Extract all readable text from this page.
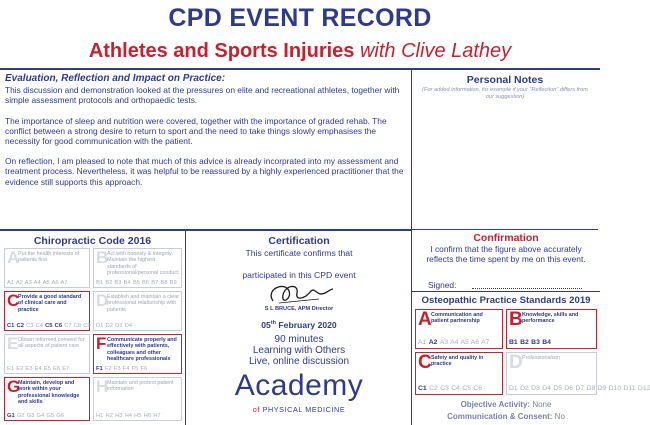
CPD EVENT RECORD
Athletes and Sports Injuries with Clive Lathey
Evaluation, Reflection and Impact on Practice:

This discussion and demonstration looked at the pressures on elite and recreational athletes, together with simple assessment protocols and orthopaedic tests.

The importance of sleep and nutrition were covered, together with the importance of graded rehab. The conflict between a strong desire to return to sport and the need to take things slowly emphasises the necessity for good communication with the patient.

On reflection, I am pleased to note that much of this advice is already incorprated into my assessment and treatment process. Nevertheless, it was helpful to be reassured by a highly experienced practitioner that the evidence still supports this approach.

Personal Notes
(For added information, for example if your "Reflection" differs from our suggestion)
Chiropractic Code 2016
A
Put the health interests of patients first
A1 A2 A3 A4 A5 A6 A7
B
Act with honesty & integrity. Maintain the highest standards of professional/personal conduct
B1 B2 B3 B4 B5 B6 B7 B8 B9
C
Provide a good standard of clinical care and practice
C1 C2 C3 C4 C5 C6 C7 C8 C9
D
Establish and maintain a clear professional relationship with patients
D1 D2 D3 D4
E Obtain informed consent for all aspects of patient care
E1 E2 E3 E4 E5 E6 E7
F Communicate properly and effectively with patients, colleagues and other healthcare professionals
F1 F2 F3 F4 F5 F6
G
Maintain, develop and work within your professional knowledge and skills
G1 G2 G3 G4 G5 G6
H
Maintain and protect patient information
H1 H2 H3 H4 H5 H6 H7
Certification
This certificate confirms that
participated in this CPD event
S L BRUCE, APM Director
05th February 2020
90 minutes
Learning with Others
Live, online discussion
Academy
of PHYSICAL MEDICINE
Confirmation
I confirm that the figure above accurately reflects the time spent by me on this event.
Signed:
Osteopathic Practice Standards 2019
A Communication and patient partnership
A1 A2 A3 A4 A5 A6 A7
B Knowledge, skills and performance
B1 B2 B3 B4
C Safety and quality in practice
C1 C2 C3 C4 C5 C6
D Professionalism
D1 D2 D3 D4 D5 D6 D7 D8 D9 D10 D11 D12
Objective Activity: None
Communication & Consent: No
